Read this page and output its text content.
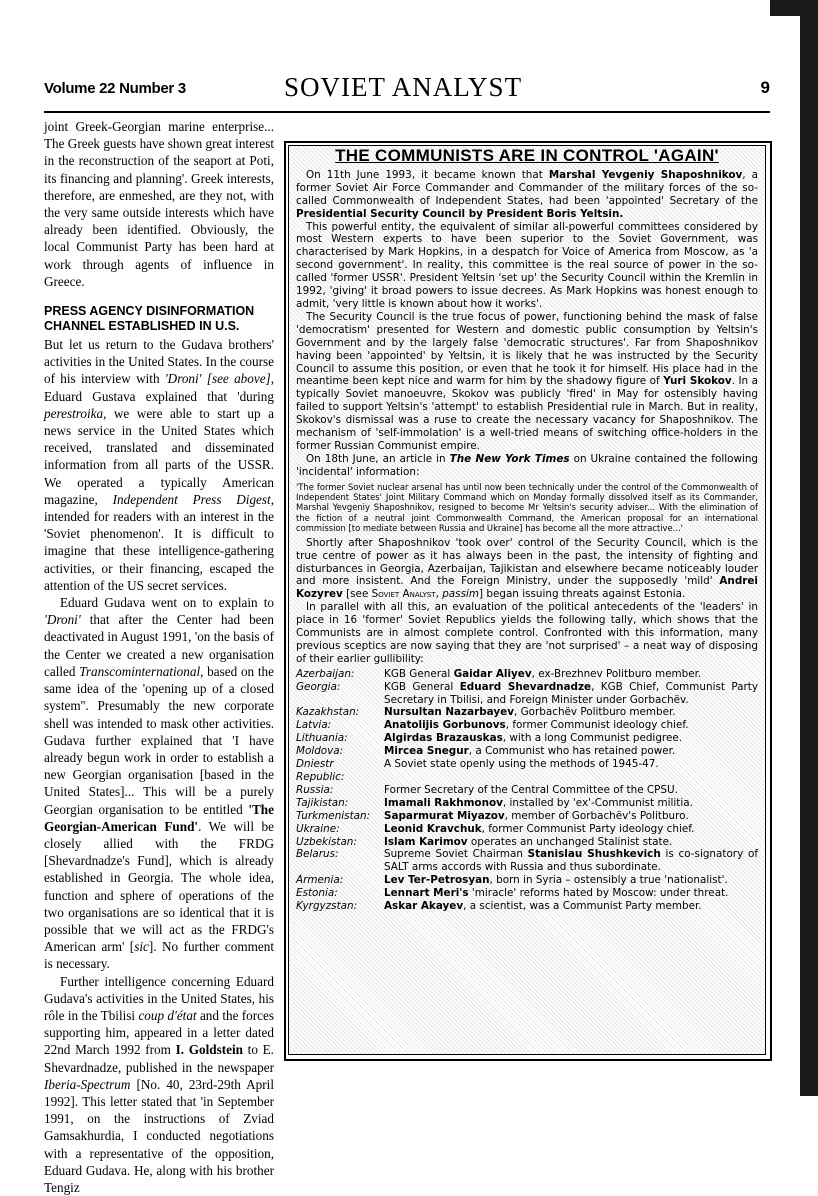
Volume 22 Number 3	SOVIET ANALYST	9

joint Greek-Georgian marine enterprise... The Greek guests have shown great interest in the reconstruction of the seaport at Poti, its financing and planning'. Greek interests, therefore, are enmeshed, are they not, with the very same outside interests which have already been identified. Obviously, the local Communist Party has been hard at work through agents of influence in Greece.

PRESS AGENCY DISINFORMATION CHANNEL ESTABLISHED IN U.S.

But let us return to the Gudava brothers' activities in the United States. In the course of his interview with 'Droni' [see above], Eduard Gustava explained that 'during perestroika, we were able to start up a news service in the United States which received, translated and disseminated information from all parts of the USSR. We operated a typically American magazine, Independent Press Digest, intended for readers with an interest in the 'Soviet phenomenon'. It is difficult to imagine that these intelligence-gathering activities, or their financing, escaped the attention of the US secret services.

Eduard Gudava went on to explain to 'Droni' that after the Center had been deactivated in August 1991, 'on the basis of the Center we created a new organisation called Transcominternational, based on the same idea of the 'opening up of a closed system''. Presumably the new corporate shell was intended to mask other activities. Gudava further explained that 'I have already begun work in order to establish a new Georgian organisation [based in the United States]... This will be a purely Georgian organisation to be entitled 'The Georgian-American Fund'. We will be closely allied with the FRDG [Shevardnadze's Fund], which is already established in Georgia. The whole idea, function and sphere of operations of the two organisations are so identical that it is possible that we will act as the FRDG's American arm' [sic]. No further comment is necessary.

Further intelligence concerning Eduard Gudava's activities in the United States, his rôle in the Tbilisi coup d'état and the forces supporting him, appeared in a letter dated 22nd March 1992 from I. Goldstein to E. Shevardnadze, published in the newspaper Iberia-Spectrum [No. 40, 23rd-29th April 1992]. This letter stated that 'in September 1991, on the instructions of Zviad Gamsakhurdia, I conducted negotiations with a representative of the opposition, Eduard Gudava. He, along with his brother Tengiz

THE COMMUNISTS ARE IN CONTROL 'AGAIN'

On 11th June 1993, it became known that Marshal Yevgeniy Shaposhnikov, a former Soviet Air Force Commander and Commander of the military forces of the so-called Commonwealth of Independent States, had been 'appointed' Secretary of the Presidential Security Council by President Boris Yeltsin.

This powerful entity, the equivalent of similar all-powerful committees considered by most Western experts to have been superior to the Soviet Government, was characterised by Mark Hopkins, in a despatch for Voice of America from Moscow, as 'a second government'. In reality, this committee is the real source of power in the so-called 'former USSR'. President Yeltsin 'set up' the Security Council within the Kremlin in 1992, 'giving' it broad powers to issue decrees. As Mark Hopkins was honest enough to admit, 'very little is known about how it works'.

The Security Council is the true focus of power, functioning behind the mask of false 'democratism' presented for Western and domestic public consumption by Yeltsin's Government and by the largely false 'democratic structures'. Far from Shaposhnikov having been 'appointed' by Yeltsin, it is likely that he was instructed by the Security Council to assume this position, or even that he took it for himself. His place had in the meantime been kept nice and warm for him by the shadowy figure of Yuri Skokov. In a typically Soviet manoeuvre, Skokov was publicly 'fired' in May for ostensibly having failed to support Yeltsin's 'attempt' to establish Presidential rule in March. But in reality, Skokov's dismissal was a ruse to create the necessary vacancy for Shaposhnikov. The mechanism of 'self-immolation' is a well-tried means of switching office-holders in the former Russian Communist empire.

On 18th June, an article in The New York Times on Ukraine contained the following 'incidental' information:

'The former Soviet nuclear arsenal has until now been technically under the control of the Commonwealth of Independent States' Joint Military Command which on Monday formally dissolved itself as its Commander, Marshal Yevgeniy Shaposhnikov, resigned to become Mr Yeltsin's security adviser... With the elimination of the fiction of a neutral joint Commonwealth Command, the American proposal for an international commission [to mediate between Russia and Ukraine] has become all the more attractive...'

Shortly after Shaposhnikov 'took over' control of the Security Council, which is the true centre of power as it has always been in the past, the intensity of fighting and disturbances in Georgia, Azerbaijan, Tajikistan and elsewhere became noticeably louder and more insistent. And the Foreign Ministry, under the supposedly 'mild' Andrei Kozyrev [see Soviet Analyst, passim] began issuing threats against Estonia.

In parallel with all this, an evaluation of the political antecedents of the 'leaders' in place in 16 'former' Soviet Republics yields the following tally, which shows that the Communists are in almost complete control. Confronted with this information, many previous sceptics are now saying that they are 'not surprised' – a neat way of disposing of their earlier gullibility:

Azerbaijan:	KGB General Gaidar Aliyev, ex-Brezhnev Politburo member.
Georgia:	KGB General Eduard Shevardnadze, KGB Chief, Communist Party Secretary in Tbilisi, and Foreign Minister under Gorbachëv.
Kazakhstan:	Nursultan Nazarbayev, Gorbachëv Politburo member.
Latvia:	Anatolijis Gorbunovs, former Communist ideology chief.
Lithuania:	Algirdas Brazauskas, with a long Communist pedigree.
Moldova:	Mircea Snegur, a Communist who has retained power.
Dniestr Republic:	A Soviet state openly using the methods of 1945-47.
Russia:	Former Secretary of the Central Committee of the CPSU.
Tajikistan:	Imamali Rakhmonov, installed by 'ex'-Communist militia.
Turkmenistan:	Saparmurat Miyazov, member of Gorbachëv's Politburo.
Ukraine:	Leonid Kravchuk, former Communist Party ideology chief.
Uzbekistan:	Islam Karimov operates an unchanged Stalinist state.
Belarus:	Supreme Soviet Chairman Stanislau Shushkevich is co-signatory of SALT arms accords with Russia and thus subordinate.
Armenia:	Lev Ter-Petrosyan, born in Syria – ostensibly a true 'nationalist'.
Estonia:	Lennart Meri's 'miracle' reforms hated by Moscow: under threat.
Kyrgyzstan:	Askar Akayev, a scientist, was a Communist Party member.
